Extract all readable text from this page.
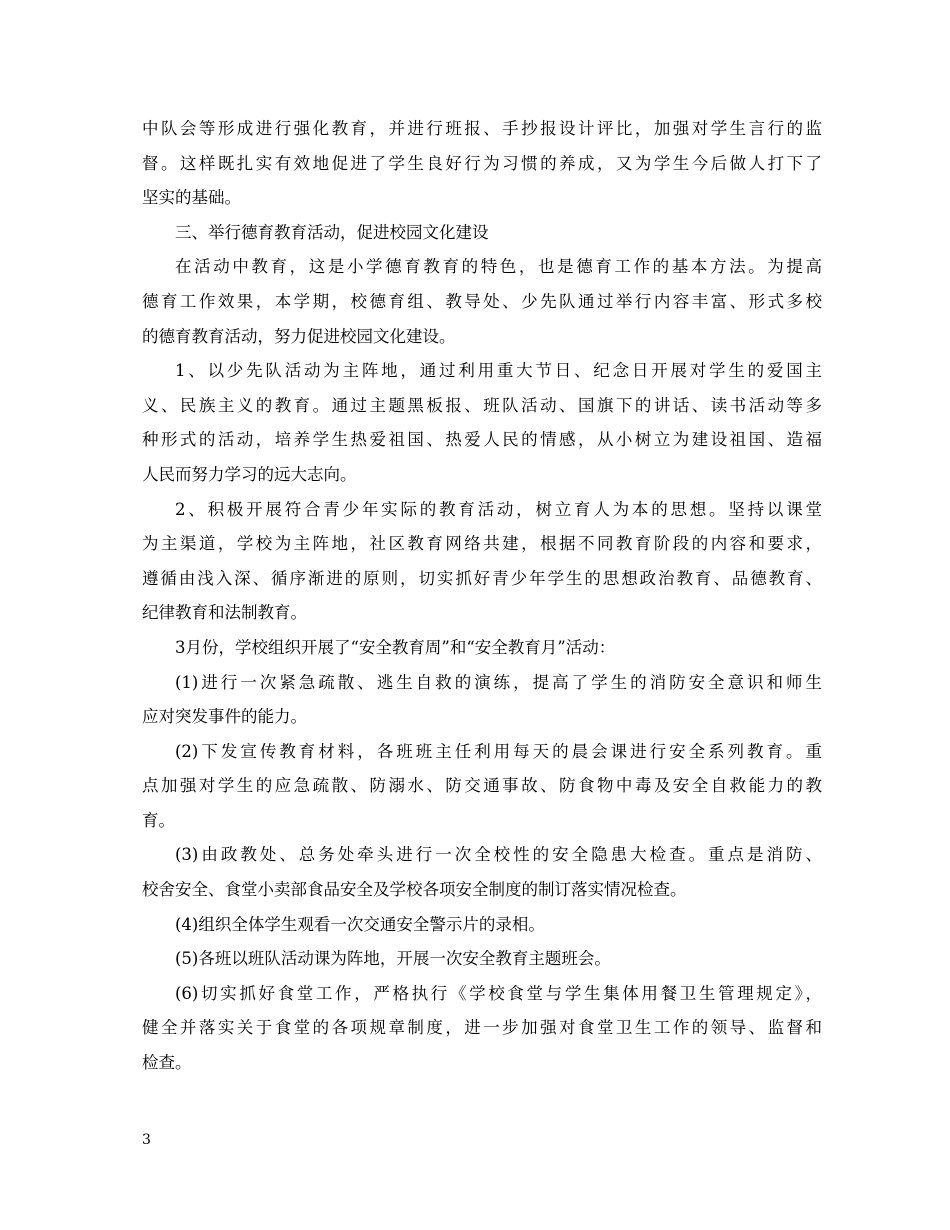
中队会等形成进行强化教育，并进行班报、手抄报设计评比，加强对学生言行的监
督。这样既扎实有效地促进了学生良好行为习惯的养成，又为学生今后做人打下了
坚实的基础。
三、举行德育教育活动，促进校园文化建设
在活动中教育，这是小学德育教育的特色，也是德育工作的基本方法。为提高
德育工作效果，本学期，校德育组、教导处、少先队通过举行内容丰富、形式多校
的德育教育活动，努力促进校园文化建设。
1、以少先队活动为主阵地，通过利用重大节日、纪念日开展对学生的爱国主
义、民族主义的教育。通过主题黑板报、班队活动、国旗下的讲话、读书活动等多
种形式的活动，培养学生热爱祖国、热爱人民的情感，从小树立为建设祖国、造福
人民而努力学习的远大志向。
2、积极开展符合青少年实际的教育活动，树立育人为本的思想。坚持以课堂
为主渠道，学校为主阵地，社区教育网络共建，根据不同教育阶段的内容和要求，
遵循由浅入深、循序渐进的原则，切实抓好青少年学生的思想政治教育、品德教育、
纪律教育和法制教育。
3月份，学校组织开展了“安全教育周”和“安全教育月”活动：
(1)进行一次紧急疏散、逃生自救的演练，提高了学生的消防安全意识和师生
应对突发事件的能力。
(2)下发宣传教育材料，各班班主任利用每天的晨会课进行安全系列教育。重
点加强对学生的应急疏散、防溺水、防交通事故、防食物中毒及安全自救能力的教
育。
(3)由政教处、总务处牵头进行一次全校性的安全隐患大检查。重点是消防、
校舍安全、食堂小卖部食品安全及学校各项安全制度的制订落实情况检查。
(4)组织全体学生观看一次交通安全警示片的录相。
(5)各班以班队活动课为阵地，开展一次安全教育主题班会。
(6)切实抓好食堂工作，严格执行《学校食堂与学生集体用餐卫生管理规定》，
健全并落实关于食堂的各项规章制度，进一步加强对食堂卫生工作的领导、监督和
检查。
3
